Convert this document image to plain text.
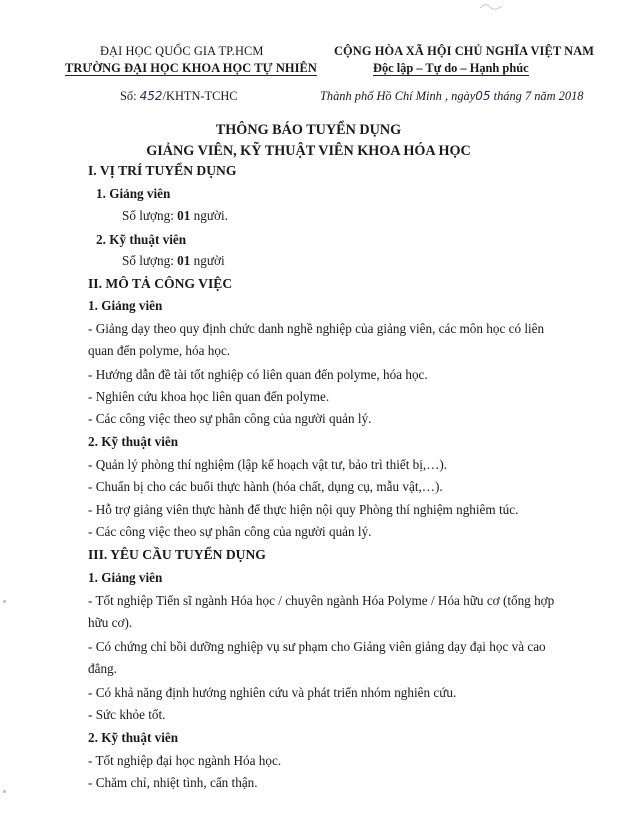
ĐẠI HỌC QUỐC GIA TP.HCM
TRƯỜNG ĐẠI HỌC KHOA HỌC TỰ NHIÊN
Số: 452/KHTN-TCHC
CỘNG HÒA XÃ HỘI CHỦ NGHĨA VIỆT NAM
Độc lập – Tự do – Hạnh phúc
Thành phố Hồ Chí Minh , ngày05 tháng 7 năm 2018
THÔNG BÁO TUYỂN DỤNG
GIẢNG VIÊN, KỸ THUẬT VIÊN KHOA HÓA HỌC
I. VỊ TRÍ TUYỂN DỤNG
1. Giảng viên
Số lượng: 01 người.
2. Kỹ thuật viên
Số lượng: 01 người
II. MÔ TẢ CÔNG VIỆC
1. Giảng viên
- Giảng dạy theo quy định chức danh nghề nghiệp của giảng viên, các môn học có liên
quan đến polyme, hóa học.
- Hướng dẫn đề tài tốt nghiệp có liên quan đến polyme, hóa học.
- Nghiên cứu khoa học liên quan đến polyme.
- Các công việc theo sự phân công của người quản lý.
2. Kỹ thuật viên
- Quản lý phòng thí nghiệm (lập kế hoạch vật tư, bảo trì thiết bị,…).
- Chuẩn bị cho các buổi thực hành (hóa chất, dụng cụ, mẫu vật,…).
- Hỗ trợ giảng viên thực hành để thực hiện nội quy Phòng thí nghiệm nghiêm túc.
- Các công việc theo sự phân công của người quản lý.
III. YÊU CẦU TUYỂN DỤNG
1. Giảng viên
- Tốt nghiệp Tiến sĩ ngành Hóa học / chuyên ngành Hóa Polyme / Hóa hữu cơ (tổng hợp
hữu cơ).
- Có chứng chỉ bồi dưỡng nghiệp vụ sư phạm cho Giảng viên giảng dạy đại học và cao
đẳng.
- Có khả năng định hướng nghiên cứu và phát triển nhóm nghiên cứu.
- Sức khỏe tốt.
2. Kỹ thuật viên
- Tốt nghiệp đại học ngành Hóa học.
- Chăm chỉ, nhiệt tình, cẩn thận.
